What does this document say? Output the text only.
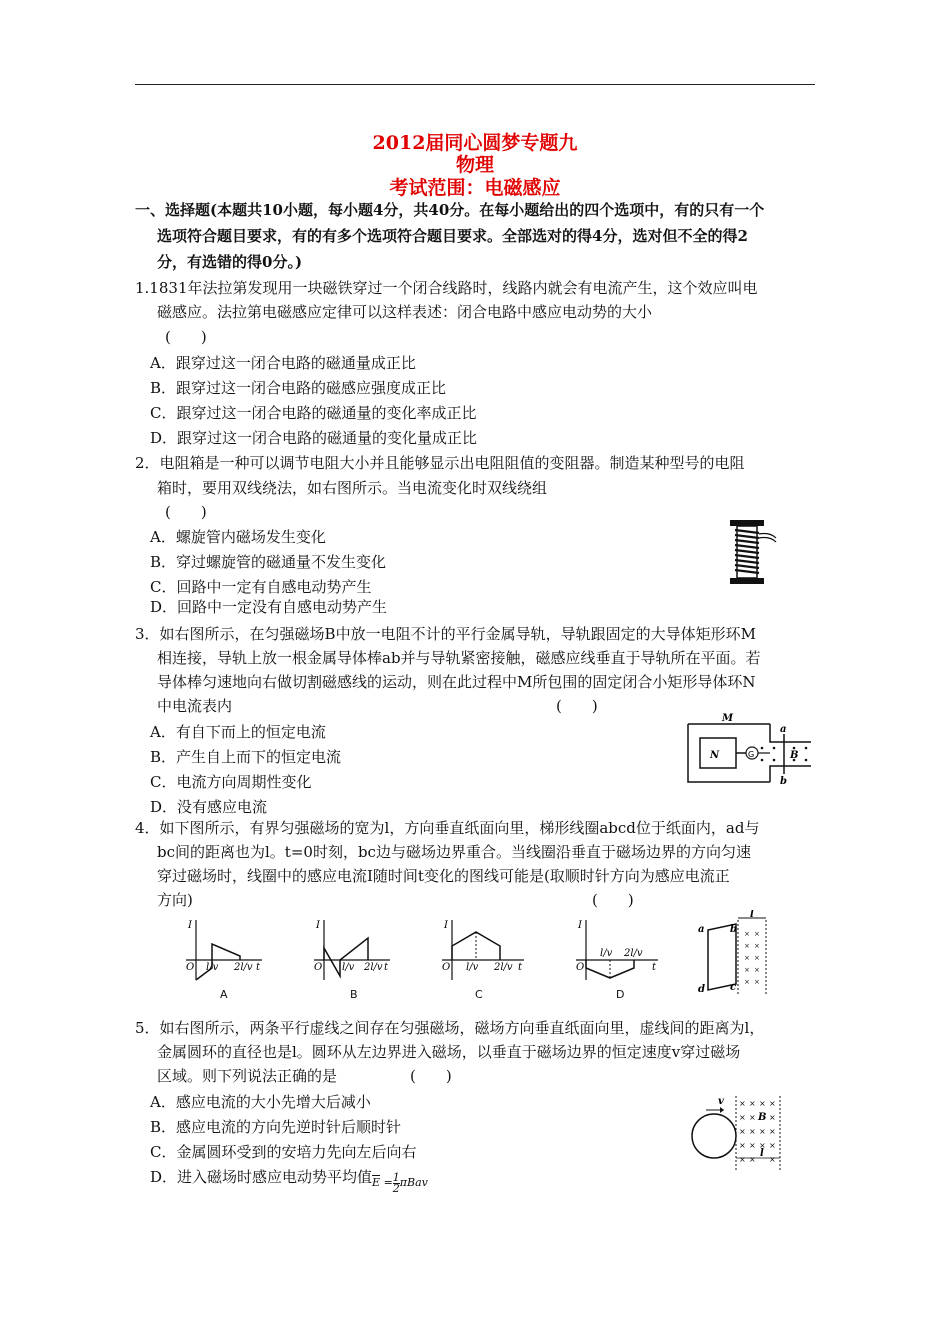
2012届同心圆梦专题九
物理
考试范围：电磁感应
一、选择题(本题共10小题，每小题4分，共40分。在每小题给出的四个选项中，有的只有一个
选项符合题目要求，有的有多个选项符合题目要求。全部选对的得4分，选对但不全的得2
分，有选错的得0分。)
1.1831年法拉第发现用一块磁铁穿过一个闭合线路时，线路内就会有电流产生，这个效应叫电
磁感应。法拉第电磁感应定律可以这样表述：闭合电路中感应电动势的大小
(　　)
A．跟穿过这一闭合电路的磁通量成正比
B．跟穿过这一闭合电路的磁感应强度成正比
C．跟穿过这一闭合电路的磁通量的变化率成正比
D．跟穿过这一闭合电路的磁通量的变化量成正比
2．电阻箱是一种可以调节电阻大小并且能够显示出电阻阻值的变阻器。制造某种型号的电阻
箱时，要用双线绕法，如右图所示。当电流变化时双线绕组
(　　)
A．螺旋管内磁场发生变化
B．穿过螺旋管的磁通量不发生变化
C．回路中一定有自感电动势产生
D．回路中一定没有自感电动势产生
3．如右图所示，在匀强磁场B中放一电阻不计的平行金属导轨，导轨跟固定的大导体矩形环M
相连接，导轨上放一根金属导体棒ab并与导轨紧密接触，磁感应线垂直于导轨所在平面。若
导体棒匀速地向右做切割磁感线的运动，则在此过程中M所包围的固定闭合小矩形导体环N
中电流表内	(　　)
A．有自下而上的恒定电流
B．产生自上而下的恒定电流
C．电流方向周期性变化
D．没有感应电流
M
N	G
a
b
B
4．如下图所示，有界匀强磁场的宽为l，方向垂直纸面向里，梯形线圈abcd位于纸面内，ad与
bc间的距离也为l。t=0时刻，bc边与磁场边界重合。当线圈沿垂直于磁场边界的方向匀速
穿过磁场时，线圈中的感应电流I随时间t变化的图线可能是(取顺时针方向为感应电流正
方向)	(　　)
I
O l/v 2l/v t
A
I
O l/v 2l/v t
B
I
O l/v 2l/v t
C
I
O
l/v 2l/v
t
D
× ×
× ×
× ×
× ×
× ×
a	b
c
d
l
5．如右图所示，两条平行虚线之间存在匀强磁场，磁场方向垂直纸面向里，虚线间的距离为l，
金属圆环的直径也是l。圆环从左边界进入磁场，以垂直于磁场边界的恒定速度v穿过磁场
区域。则下列说法正确的是	(　　)
A．感应电流的大小先增大后减小
B．感应电流的方向先逆时针后顺时针
C．金属圆环受到的安培力先向左后向右
D．进入磁场时感应电动势平均值$_{\overline{E} = \frac{1}{2} \pi Bav}$
× × × ×
× × ×
× × × ×
× × × ×
× × ×
v
B
l
